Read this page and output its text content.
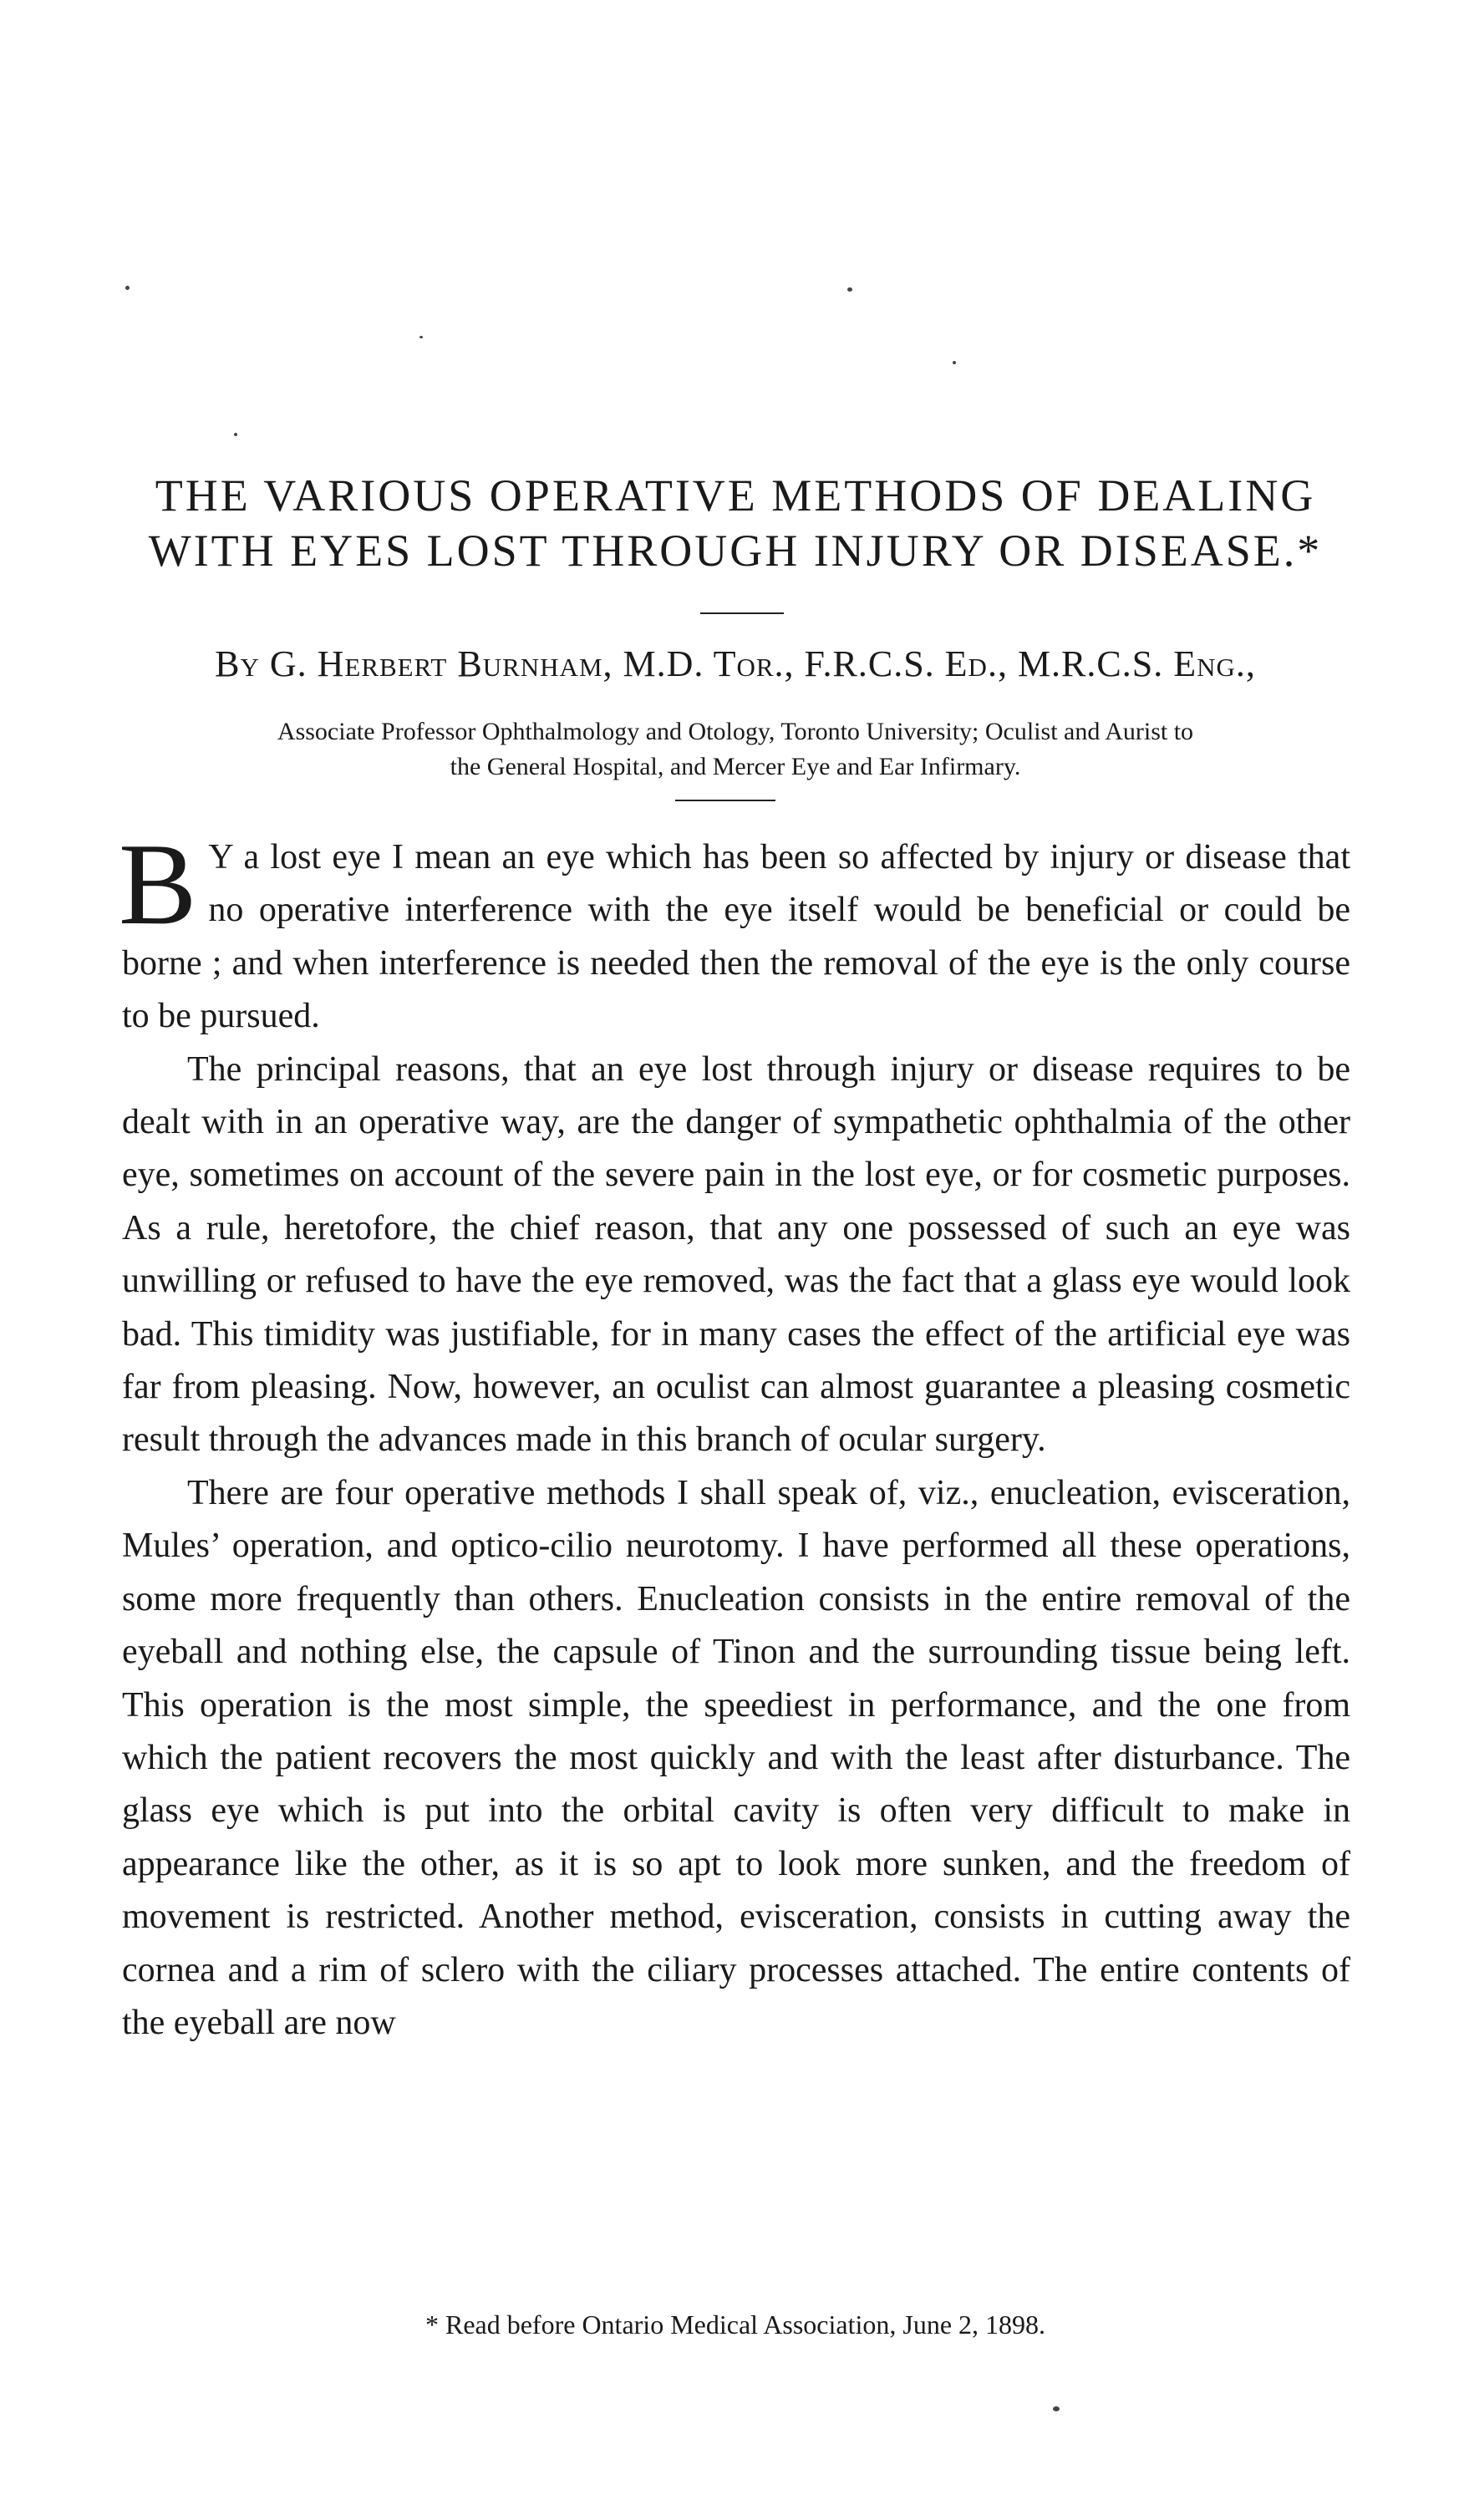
THE VARIOUS OPERATIVE METHODS OF DEALING
WITH EYES LOST THROUGH INJURY OR DISEASE.*
By G. Herbert Burnham, M.D. Tor., F.R.C.S. Ed., M.R.C.S. Eng.,

Associate Professor Ophthalmology and Otology, Toronto University; Oculist and Aurist to
the General Hospital, and Mercer Eye and Ear Infirmary.

B Y a lost eye I mean an eye which has been so affected by injury or disease that no operative interference with the eye itself would be beneficial or could be borne ; and when interference is needed then the removal of the eye is the only course to be pursued.

The principal reasons, that an eye lost through injury or disease requires to be dealt with in an operative way, are the danger of sympathetic ophthalmia of the other eye, sometimes on account of the severe pain in the lost eye, or for cosmetic purposes. As a rule, heretofore, the chief reason, that any one possessed of such an eye was unwilling or refused to have the eye removed, was the fact that a glass eye would look bad. This timidity was justifiable, for in many cases the effect of the artificial eye was far from pleasing. Now, however, an oculist can almost guarantee a pleasing cosmetic result through the advances made in this branch of ocular surgery.

There are four operative methods I shall speak of, viz., enucleation, evisceration, Mules’ operation, and optico-cilio neurotomy. I have performed all these operations, some more frequently than others. Enucleation consists in the entire removal of the eyeball and nothing else, the capsule of Tinon and the surrounding tissue being left. This operation is the most simple, the speediest in performance, and the one from which the patient recovers the most quickly and with the least after disturbance. The glass eye which is put into the orbital cavity is often very difficult to make in appearance like the other, as it is so apt to look more sunken, and the freedom of movement is restricted. Another method, evisceration, consists in cutting away the cornea and a rim of sclero with the ciliary processes attached. The entire contents of the eyeball are now

* Read before Ontario Medical Association, June 2, 1898.
